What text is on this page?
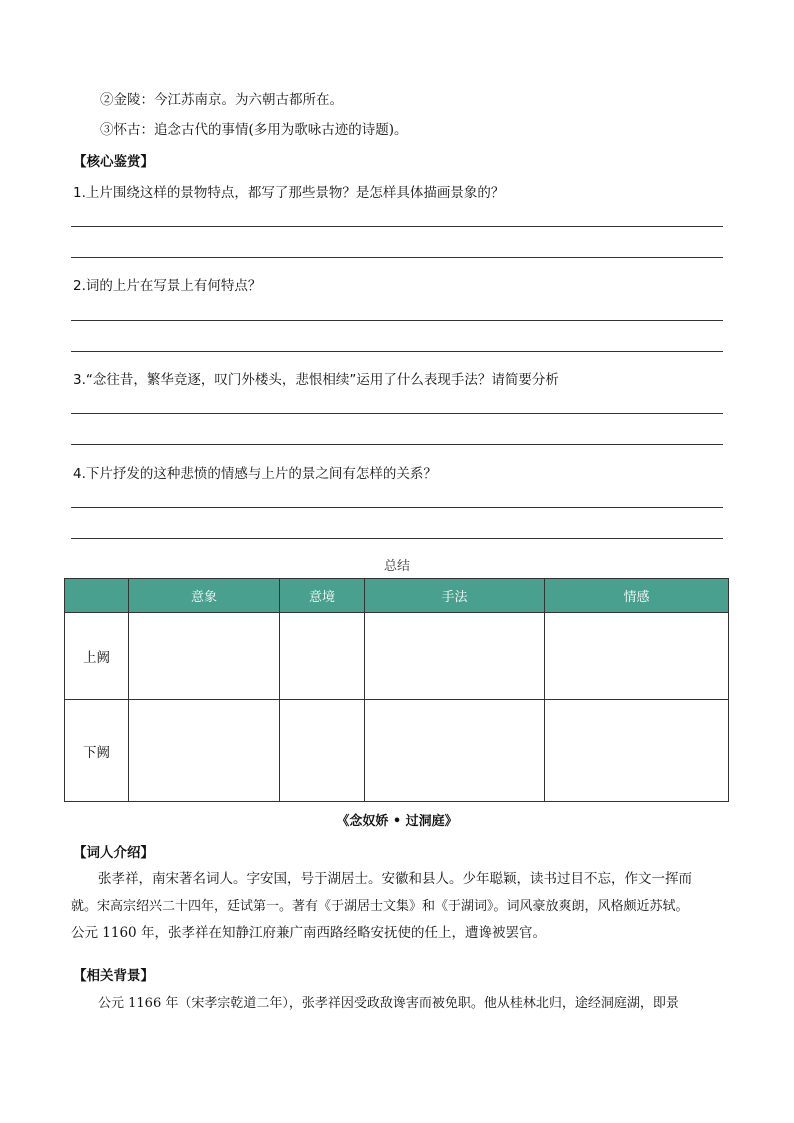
②金陵：今江苏南京。为六朝古都所在。
③怀古：追念古代的事情(多用为歌咏古迹的诗题)。
【核心鉴赏】
1.上片围绕这样的景物特点，都写了那些景物？是怎样具体描画景象的？
2.词的上片在写景上有何特点？
3.“念往昔，繁华竞逐，叹门外楼头，悲恨相续”运用了什么表现手法？请简要分析
4.下片抒发的这种悲愤的情感与上片的景之间有怎样的关系？
总结
	意象	意境	手法	情感
上阙				
下阙				
《念奴娇 • 过洞庭》
【词人介绍】
张孝祥，南宋著名词人。字安国，号于湖居士。安徽和县人。少年聪颖，读书过目不忘，作文一挥而
就。宋高宗绍兴二十四年，廷试第一。著有《于湖居士文集》和《于湖词》。词风豪放爽朗，风格颇近苏轼。
公元 1160 年，张孝祥在知静江府兼广南西路经略安抚使的任上，遭谗被罢官。
【相关背景】
公元 1166 年（宋孝宗乾道二年），张孝祥因受政敌谗害而被免职。他从桂林北归，途经洞庭湖，即景
